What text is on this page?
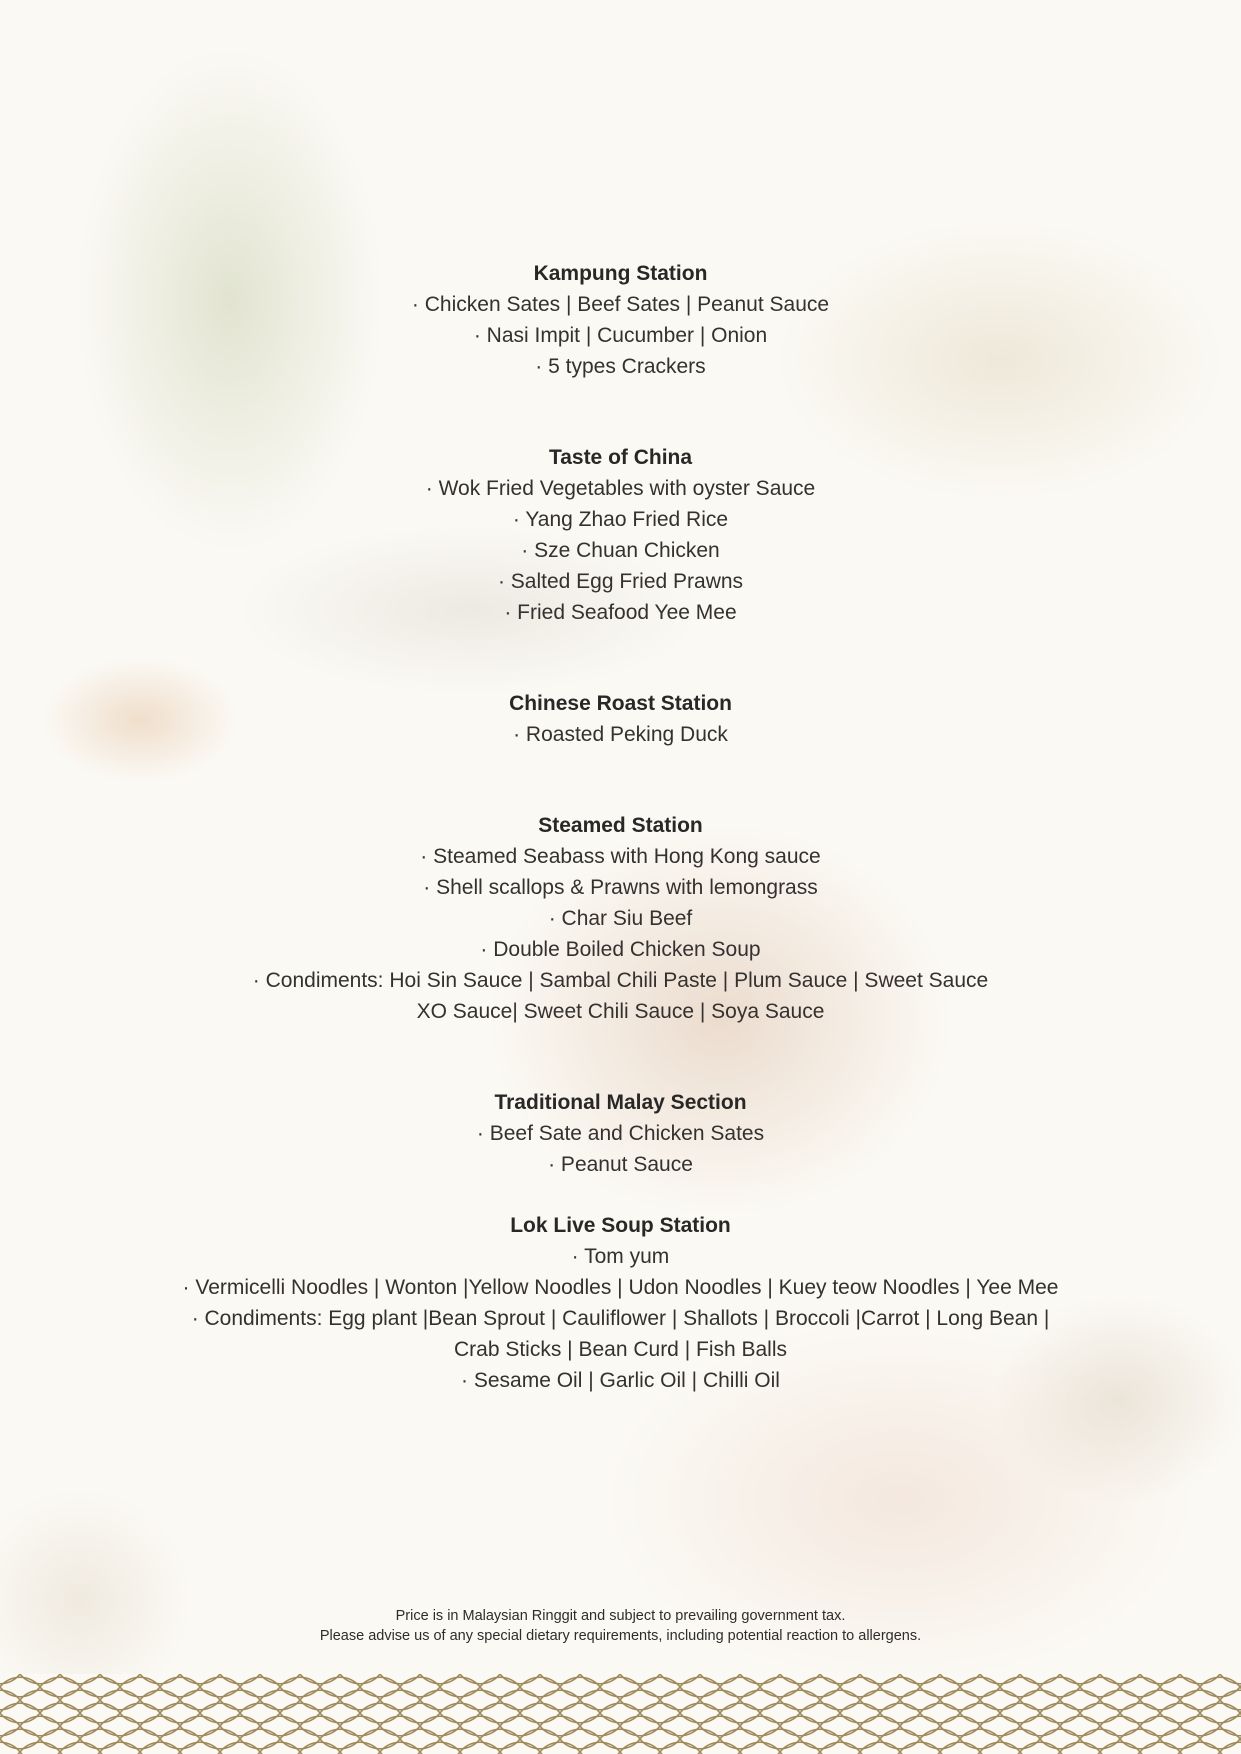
Kampung Station
· Chicken Sates | Beef Sates | Peanut Sauce
· Nasi Impit | Cucumber | Onion
· 5 types Crackers
Taste of China
· Wok Fried Vegetables with oyster Sauce
· Yang Zhao Fried Rice
· Sze Chuan Chicken
· Salted Egg Fried Prawns
· Fried Seafood Yee Mee
Chinese Roast Station
· Roasted Peking Duck
Steamed Station
· Steamed Seabass with Hong Kong sauce
· Shell scallops & Prawns with lemongrass
· Char Siu Beef
· Double Boiled Chicken Soup
· Condiments: Hoi Sin Sauce | Sambal Chili Paste | Plum Sauce | Sweet Sauce
XO Sauce| Sweet Chili Sauce | Soya Sauce
Traditional Malay Section
· Beef Sate and Chicken Sates
· Peanut Sauce
Lok Live Soup Station
· Tom yum
· Vermicelli Noodles | Wonton |Yellow Noodles | Udon Noodles | Kuey teow Noodles | Yee Mee
· Condiments: Egg plant |Bean Sprout | Cauliflower | Shallots | Broccoli |Carrot | Long Bean |
Crab Sticks | Bean Curd | Fish Balls
· Sesame Oil | Garlic Oil | Chilli Oil
Price is in Malaysian Ringgit and subject to prevailing government tax.
Please advise us of any special dietary requirements, including potential reaction to allergens.
